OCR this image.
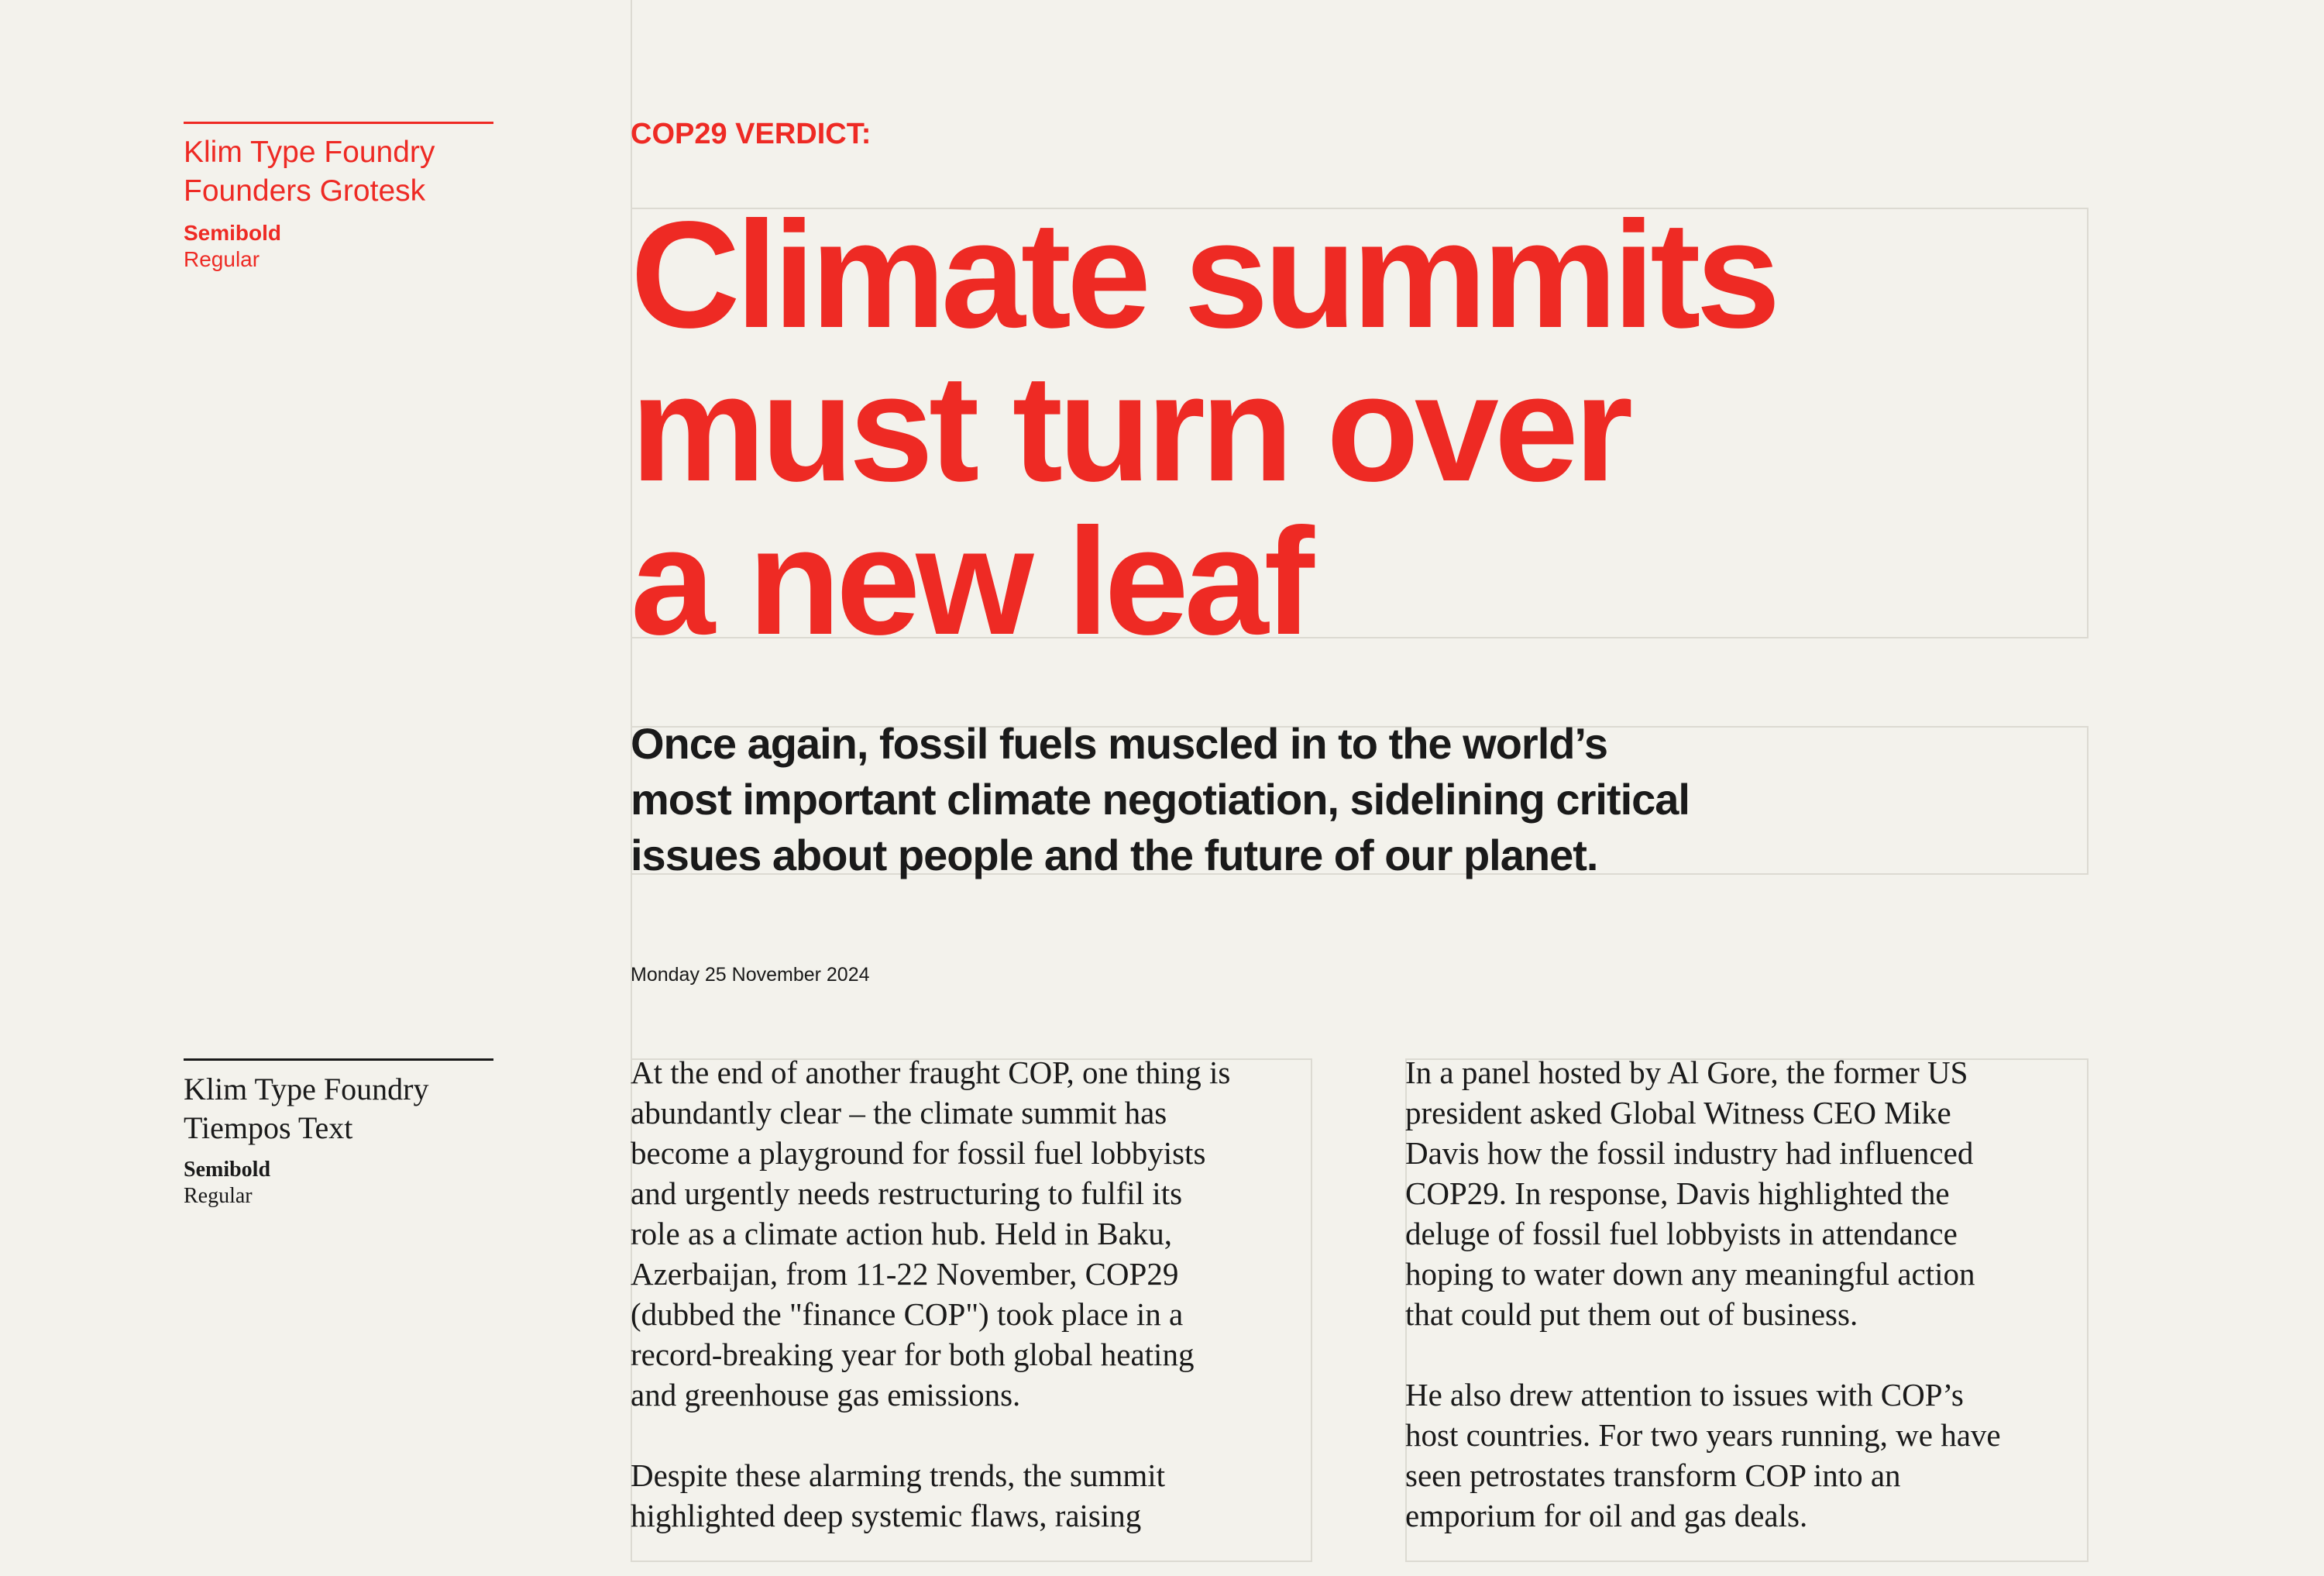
Klim Type Foundry
Founders Grotesk
Semibold
Regular
Klim Type Foundry
Tiempos Text
Semibold
Regular

COP29 VERDICT:

Climate summits
must turn over
a new leaf
Once again, fossil fuels muscled in to the world’s
most important climate negotiation, sidelining critical
issues about people and the future of our planet.

Monday 25 November 2024

At the end of another fraught COP, one thing is
abundantly clear – the climate summit has
become a playground for fossil fuel lobbyists
and urgently needs restructuring to fulfil its
role as a climate action hub. Held in Baku,
Azerbaijan, from 11-22 November, COP29
(dubbed the "finance COP") took place in a
record-breaking year for both global heating
and greenhouse gas emissions.

Despite these alarming trends, the summit
highlighted deep systemic flaws, raising

In a panel hosted by Al Gore, the former US
president asked Global Witness CEO Mike
Davis how the fossil industry had influenced
COP29. In response, Davis highlighted the
deluge of fossil fuel lobbyists in attendance
hoping to water down any meaningful action
that could put them out of business.

He also drew attention to issues with COP’s
host countries. For two years running, we have
seen petrostates transform COP into an
emporium for oil and gas deals.
